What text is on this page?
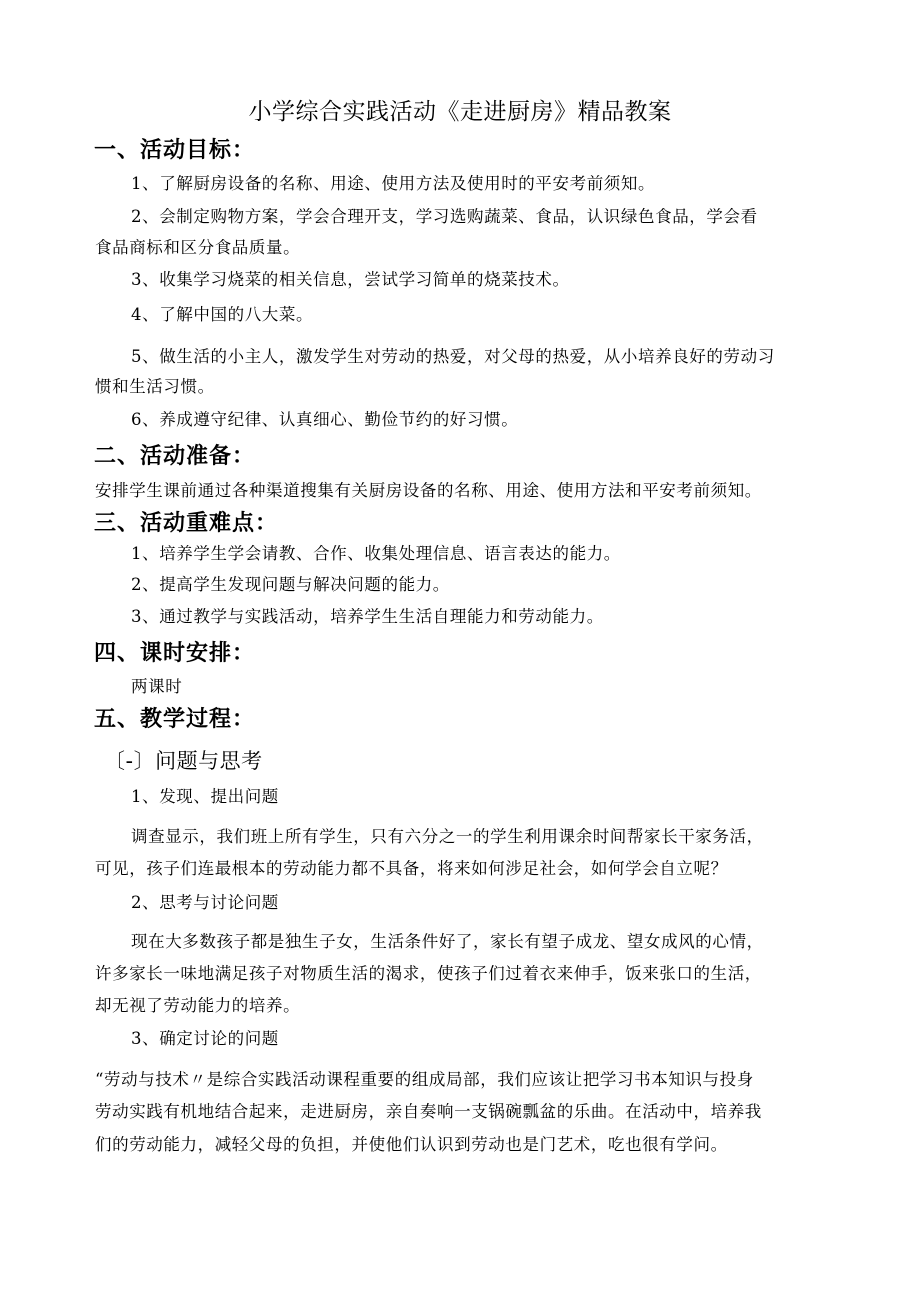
小学综合实践活动《走进厨房》精品教案
一、活动目标：
1、了解厨房设备的名称、用途、使用方法及使用时的平安考前须知。
2、会制定购物方案，学会合理开支，学习选购蔬菜、食品，认识绿色食品，学会看
食品商标和区分食品质量。
3、收集学习烧菜的相关信息，尝试学习简单的烧菜技术。
4、了解中国的八大菜。
5、做生活的小主人，激发学生对劳动的热爱，对父母的热爱，从小培养良好的劳动习
惯和生活习惯。
6、养成遵守纪律、认真细心、勤俭节约的好习惯。
二、活动准备：
安排学生课前通过各种渠道搜集有关厨房设备的名称、用途、使用方法和平安考前须知。
三、活动重难点：
1、培养学生学会请教、合作、收集处理信息、语言表达的能力。
2、提高学生发现问题与解决问题的能力。
3、通过教学与实践活动，培养学生生活自理能力和劳动能力。
四、课时安排：
两课时
五、教学过程：
〔-〕问题与思考
1、发现、提出问题
调查显示，我们班上所有学生，只有六分之一的学生利用课余时间帮家长干家务活，
可见，孩子们连最根本的劳动能力都不具备，将来如何涉足社会，如何学会自立呢？
2、思考与讨论问题
现在大多数孩子都是独生子女，生活条件好了，家长有望子成龙、望女成风的心情，
许多家长一味地满足孩子对物质生活的渴求，使孩子们过着衣来伸手，饭来张口的生活，
却无视了劳动能力的培养。
3、确定讨论的问题
“劳动与技术〃是综合实践活动课程重要的组成局部，我们应该让把学习书本知识与投身
劳动实践有机地结合起来，走进厨房，亲自奏响一支锅碗瓢盆的乐曲。在活动中，培养我
们的劳动能力，减轻父母的负担，并使他们认识到劳动也是门艺术，吃也很有学问。
